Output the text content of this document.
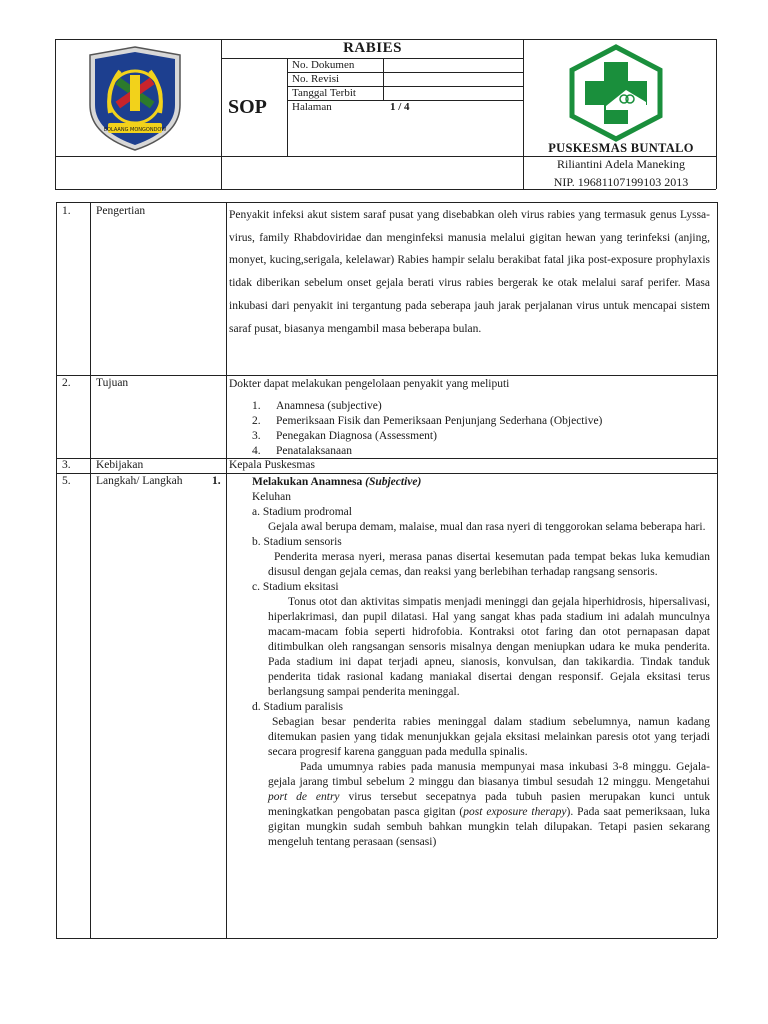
RABIES
SOP
No. Dokumen
No. Revisi
Tanggal Terbit
Halaman	1 / 4
BOLAANG MONGONDOW
PUSKESMAS BUNTALO
Riliantini Adela Maneking
NIP. 19681107199103 2013
1. Pengertian	Penyakit infeksi akut sistem saraf pusat yang disebabkan oleh virus rabies yang termasuk genus Lyssa-virus, family Rhabdoviridae dan menginfeksi manusia melalui gigitan hewan yang terinfeksi (anjing, monyet, kucing,serigala, kelelawar) Rabies hampir selalu berakibat fatal jika post-exposure prophylaxis tidak diberikan sebelum onset gejala berati virus rabies bergerak ke otak melalui saraf perifer. Masa inkubasi dari penyakit ini tergantung pada seberapa jauh jarak perjalanan virus untuk mencapai sistem saraf pusat, biasanya mengambil masa beberapa bulan.
2. Tujuan	Dokter dapat melakukan pengelolaan penyakit yang meliputi
1. Anamnesa (subjective)
2. Pemeriksaan Fisik dan Pemeriksaan Penjunjang Sederhana (Objective)
3. Penegakan Diagnosa (Assessment)
4. Penatalaksanaan
3. Kebijakan	Kepala Puskesmas
5. Langkah/ Langkah	1.	Melakukan Anamnesa (Subjective)

Keluhan

a. Stadium prodromal

Gejala awal berupa demam, malaise, mual dan rasa nyeri di tenggorokan selama beberapa hari.

b. Stadium sensoris

Penderita merasa nyeri, merasa panas disertai kesemutan pada tempat bekas luka kemudian disusul dengan gejala cemas, dan reaksi yang berlebihan terhadap rangsang sensoris.

c. Stadium eksitasi

Tonus otot dan aktivitas simpatis menjadi meninggi dan gejala hiperhidrosis, hipersalivasi, hiperlakrimasi, dan pupil dilatasi. Hal yang sangat khas pada stadium ini adalah munculnya macam-macam fobia seperti hidrofobia. Kontraksi otot faring dan otot pernapasan dapat ditimbulkan oleh rangsangan sensoris misalnya dengan meniupkan udara ke muka penderita. Pada stadium ini dapat terjadi apneu, sianosis, konvulsan, dan takikardia. Tindak tanduk penderita tidak rasional kadang maniakal disertai dengan responsif. Gejala eksitasi terus berlangsung sampai penderita meninggal.

d. Stadium paralisis

Sebagian besar penderita rabies meninggal dalam stadium sebelumnya, namun kadang ditemukan pasien yang tidak menunjukkan gejala eksitasi melainkan paresis otot yang terjadi secara progresif karena gangguan pada medulla spinalis.

Pada umumnya rabies pada manusia mempunyai masa inkubasi 3-8 minggu. Gejala-gejala jarang timbul sebelum 2 minggu dan biasanya timbul sesudah 12 minggu. Mengetahui port de entry virus tersebut secepatnya pada tubuh pasien merupakan kunci untuk meningkatkan pengobatan pasca gigitan (post exposure therapy). Pada saat pemeriksaan, luka gigitan mungkin sudah sembuh bahkan mungkin telah dilupakan. Tetapi pasien sekarang mengeluh tentang perasaan (sensasi)
